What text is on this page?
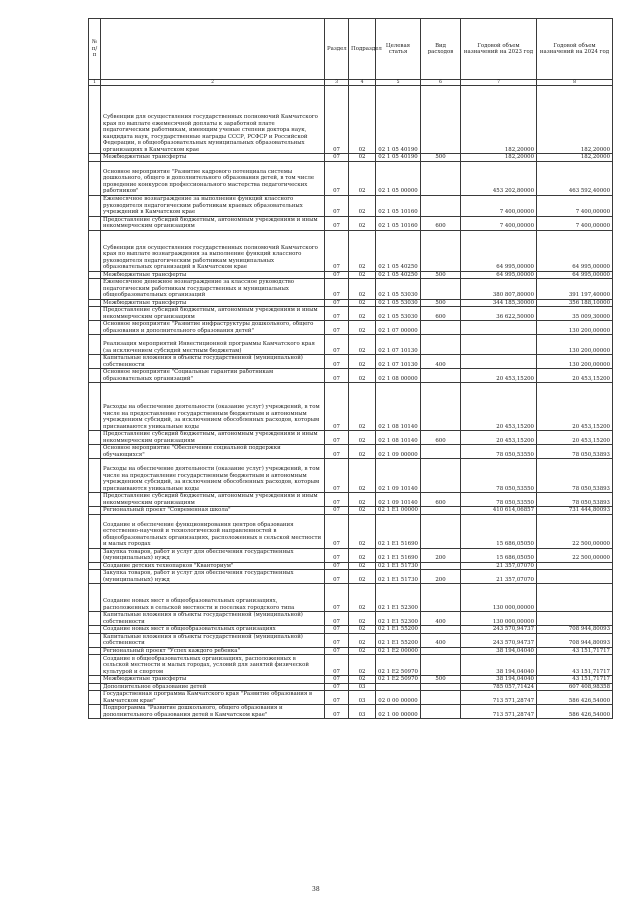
№ п/п		Раздел	Подраздел	Целевая статья	Вид расходов	Годовой объем назначений на 2023 год	Годовой объем назначений на 2024 год
1	2	3	4	5	6	7	8
	Субвенции для осуществления государственных полномочий Камчатского края по выплате ежемесячной доплаты к заработной плате педагогическим работникам, имеющим ученые степени доктора наук, кандидата наук, государственные награды СССР, РСФСР и Российской Федерации, в общеобразовательных муниципальных образовательных организациях в Камчатском крае	07	02	02 1 05 40190		182,20000	182,20000
	Межбюджетные трансферты	07	02	02 1 05 40190	500	182,20000	182,20000
	Основное мероприятие "Развитие кадрового потенциала системы дошкольного, общего и дополнительного образования детей, в том числе проведение конкурсов профессионального мастерства педагогических работников"	07	02	02 1 05 00000		453 202,80000	463 592,40000
	Ежемесячное вознаграждение за выполнение функций классного руководителя педагогическим работникам краевых образовательных учреждений в Камчатском крае	07	02	02 1 05 10160		7 400,00000	7 400,00000
	Предоставление субсидий бюджетным, автономным учреждениям и иным некоммерческим организациям	07	02	02 1 05 10160	600	7 400,00000	7 400,00000
	Субвенции для осуществления государственных полномочий Камчатского края по выплате вознаграждения за выполнение функций классного руководителя педагогическим работникам муниципальных образовательных организаций в Камчатском крае	07	02	02 1 05 40250		64 995,00000	64 995,00000
	Межбюджетные трансферты	07	02	02 1 05 40250	500	64 995,00000	64 995,00000
	Ежемесячное денежное вознаграждение за классное руководство педагогическим работникам государственных и муниципальных общеобразовательных организаций	07	02	02 1 05 53030		380 807,80000	391 197,40000
	Межбюджетные трансферты	07	02	02 1 05 53030	500	344 185,30000	356 188,10000
	Предоставление субсидий бюджетным, автономным учреждениям и иным некоммерческим организациям	07	02	02 1 05 53030	600	36 622,50000	35 009,30000
	Основное мероприятие "Развитие инфраструктуры дошкольного, общего образования и дополнительного образования детей"	07	02	02 1 07 00000			130 200,00000
	Реализация мероприятий Инвестиционной программы Камчатского края (за исключением субсидий местным бюджетам)	07	02	02 1 07 10130			130 200,00000
	Капитальные вложения в объекты государственной (муниципальной) собственности	07	02	02 1 07 10130	400		130 200,00000
	Основное мероприятие "Социальные гарантии работникам образовательных организаций"	07	02	02 1 08 00000		20 453,15200	20 453,15200
	Расходы на обеспечение деятельности (оказание услуг) учреждений, в том числе на предоставление государственным бюджетным и автономным учреждениям субсидий, за исключением обособленных расходов, которым присваиваются уникальные коды	07	02	02 1 08 10140		20 453,15200	20 453,15200
	Предоставление субсидий бюджетным, автономным учреждениям и иным некоммерческим организациям	07	02	02 1 08 10140	600	20 453,15200	20 453,15200
	Основное мероприятие "Обеспечение социальной поддержки обучающихся"	07	02	02 1 09 00000		78 050,53550	78 050,53893
	Расходы на обеспечение деятельности (оказание услуг) учреждений, в том числе на предоставление государственным бюджетным и автономным учреждениям субсидий, за исключением обособленных расходов, которым присваиваются уникальные коды	07	02	02 1 09 10140		78 050,53550	78 050,53893
	Предоставление субсидий бюджетным, автономным учреждениям и иным некоммерческим организациям	07	02	02 1 09 10140	600	78 050,53550	78 050,53893
	Региональный проект "Современная школа"	07	02	02 1 E1 00000		410 614,06857	731 444,80093
	Создание и обеспечение функционирования центров образования естественно-научной и технологической направленностей в общеобразовательных организациях, расположенных в сельской местности и малых городах	07	02	02 1 E1 51690		15 686,05050	22 500,00000
	Закупка товаров, работ и услуг для обеспечения государственных (муниципальных) нужд	07	02	02 1 E1 51690	200	15 686,05050	22 500,00000
	Создание детских технопарков "Кванториум"	07	02	02 1 E1 51730		21 357,07070	
	Закупка товаров, работ и услуг для обеспечения государственных (муниципальных) нужд	07	02	02 1 E1 51730	200	21 357,07070	
	Создание новых мест в общеобразовательных организациях, расположенных в сельской местности и поселках городского типа	07	02	02 1 E1 52300		130 000,00000	
	Капитальные вложения в объекты государственной (муниципальной) собственности	07	02	02 1 E1 52300	400	130 000,00000	
	Создание новых мест в общеобразовательных организациях	07	02	02 1 E1 55200		243 570,94737	708 944,80093
	Капитальные вложения в объекты государственной (муниципальной) собственности	07	02	02 1 E1 55200	400	243 570,94737	708 944,80093
	Региональный проект "Успех каждого ребенка"	07	02	02 1 E2 00000		38 194,04040	43 151,71717
	Создание в общеобразовательных организациях, расположенных в сельской местности и малых городах, условий для занятий физической культурой и спортом	07	02	02 1 E2 50970		38 194,04040	43 151,71717
	Межбюджетные трансферты	07	02	02 1 E2 50970	500	38 194,04040	43 151,71717
	Дополнительное образование детей	07	03			785 057,71424	607 408,98358
	Государственная программа Камчатского края "Развитие образования в Камчатском крае"	07	03	02 0 00 00000		713 571,28747	586 426,54000
	Подпрограмма "Развитие дошкольного, общего образования и дополнительного образования детей в Камчатском крае"	07	03	02 1 00 00000		713 571,28747	586 426,54000
38
